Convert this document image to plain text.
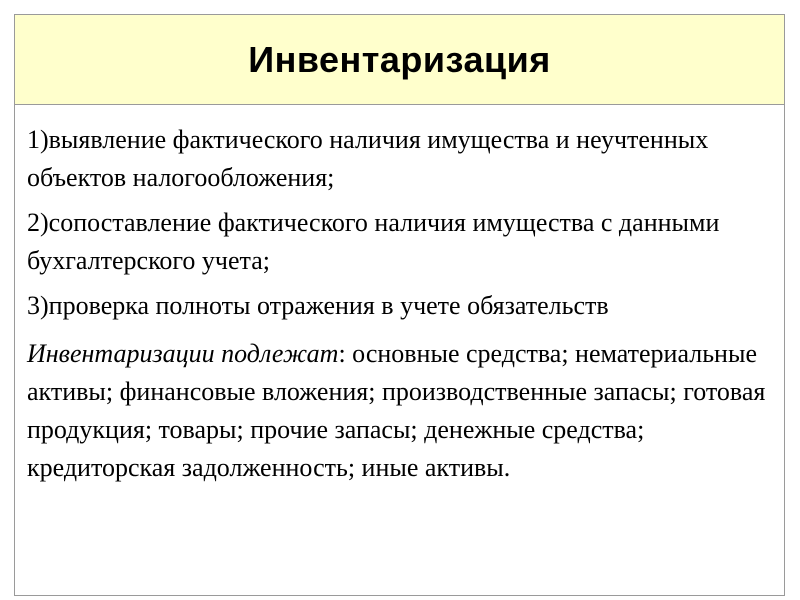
Инвентаризация

1)выявление фактического наличия имущества и неучтенных объектов налогообложения;

2)сопоставление фактического наличия имущества с данными бухгалтерского учета;

3)проверка полноты отражения в учете обязательств

Инвентаризации подлежат: основные средства; нематериальные активы; финансовые вложения; производственные запасы; готовая продукция; товары; прочие запасы; денежные средства; кредиторская задолженность; иные активы.
